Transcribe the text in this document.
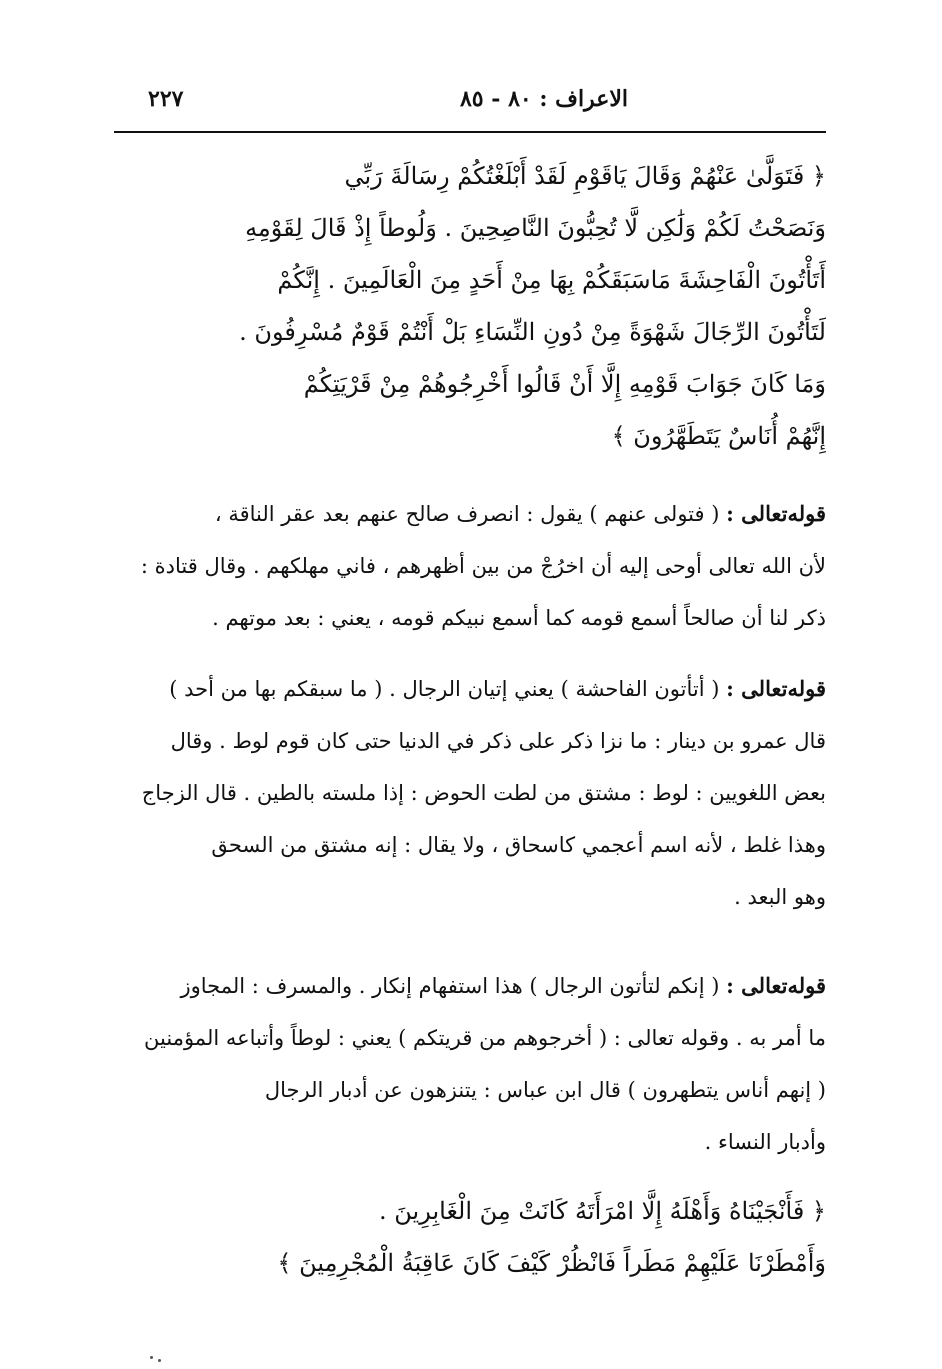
الاعراف : ٨٠ - ٨٥
٢٢٧
﴿ فَتَوَلَّىٰ عَنْهُمْ وَقَالَ يَاقَوْمِ لَقَدْ أَبْلَغْتُكُمْ رِسَالَةَ رَبِّي
وَنَصَحْتُ لَكُمْ وَلَٰكِن لَّا تُحِبُّونَ النَّاصِحِينَ . وَلُوطاً إِذْ قَالَ لِقَوْمِهِ
أَتَأْتُونَ الْفَاحِشَةَ مَاسَبَقَكُمْ بِهَا مِنْ أَحَدٍ مِنَ الْعَالَمِينَ . إِنَّكُمْ
لَتَأْتُونَ الرِّجَالَ شَهْوَةً مِنْ دُونِ النِّسَاءِ بَلْ أَنْتُمْ قَوْمٌ مُسْرِفُونَ .
وَمَا كَانَ جَوَابَ قَوْمِهِ إِلَّا أَنْ قَالُوا أَخْرِجُوهُمْ مِنْ قَرْيَتِكُمْ
إِنَّهُمْ أُنَاسٌ يَتَطَهَّرُونَ ﴾
قوله‌تعالى : ( فتولى عنهم ) يقول : انصرف صالح عنهم بعد عقر الناقة ،
لأن الله تعالى أوحى إليه أن اخرُجْ من بين أظهرهم ، فاني مهلكهم . وقال قتادة :
ذكر لنا أن صالحاً أسمع قومه كما أسمع نبيكم قومه ، يعني : بعد موتهم .
قوله‌تعالى : ( أتأتون الفاحشة ) يعني إتيان الرجال . ( ما سبقكم بها من أحد )
قال عمرو بن دينار : ما نزا ذكر على ذكر في الدنيا حتى كان قوم لوط . وقال
بعض اللغويين : لوط : مشتق من لطت الحوض : إذا ملسته بالطين . قال الزجاج
وهذا غلط ، لأنه اسم أعجمي كاسحاق ، ولا يقال : إنه مشتق من السحق
وهو البعد .
قوله‌تعالى : ( إنكم لتأتون الرجال ) هذا استفهام إنكار . والمسرف : المجاوز
ما أمر به . وقوله تعالى : ( أخرجوهم من قريتكم ) يعني : لوطاً وأتباعه المؤمنين
( إنهم أناس يتطهرون ) قال ابن عباس : يتنزهون عن أدبار الرجال
وأدبار النساء .
﴿ فَأَنْجَيْنَاهُ وَأَهْلَهُ إِلَّا امْرَأَتَهُ كَانَتْ مِنَ الْغَابِرِينَ .
وَأَمْطَرْنَا عَلَيْهِمْ مَطَراً فَانْظُرْ كَيْفَ كَانَ عَاقِبَةُ الْمُجْرِمِينَ ﴾
